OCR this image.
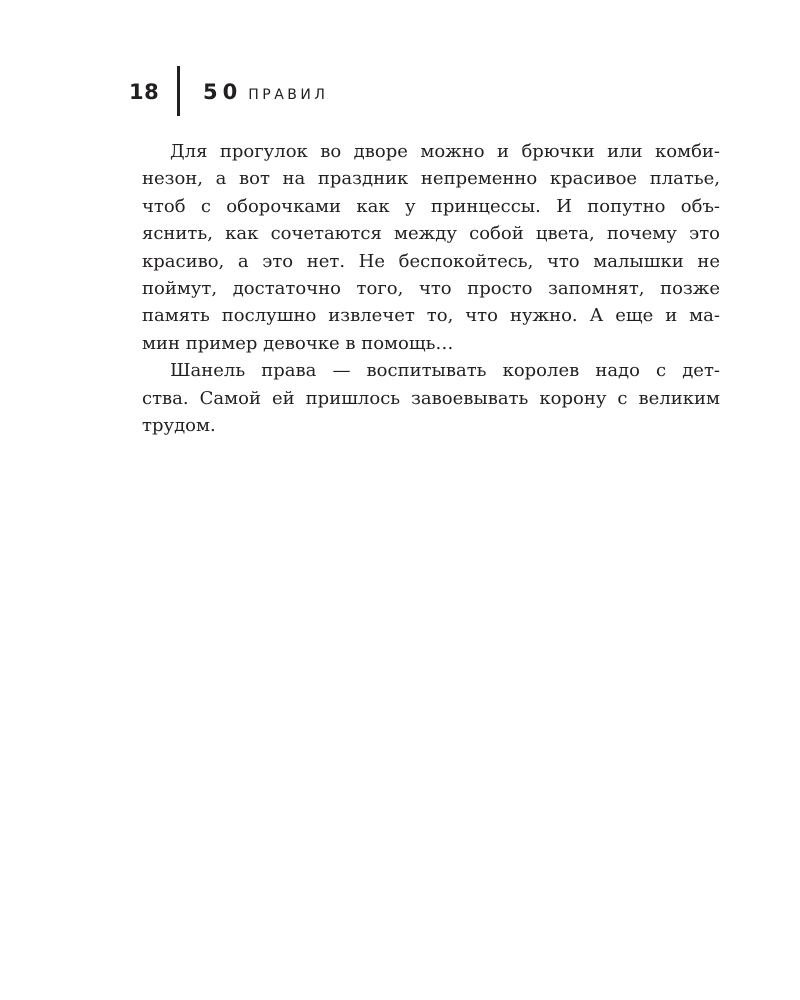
18 50 ПРАВИЛ
Для прогулок во дворе можно и брючки или комби-
незон, а вот на праздник непременно красивое платье,
чтоб с оборочками как у принцессы. И попутно объ-
яснить, как сочетаются между собой цвета, почему это
красиво, а это нет. Не беспокойтесь, что малышки не
поймут, достаточно того, что просто запомнят, позже
память послушно извлечет то, что нужно. А еще и ма-
мин пример девочке в помощь…
Шанель права — воспитывать королев надо с дет-
ства. Самой ей пришлось завоевывать корону с великим
трудом.
